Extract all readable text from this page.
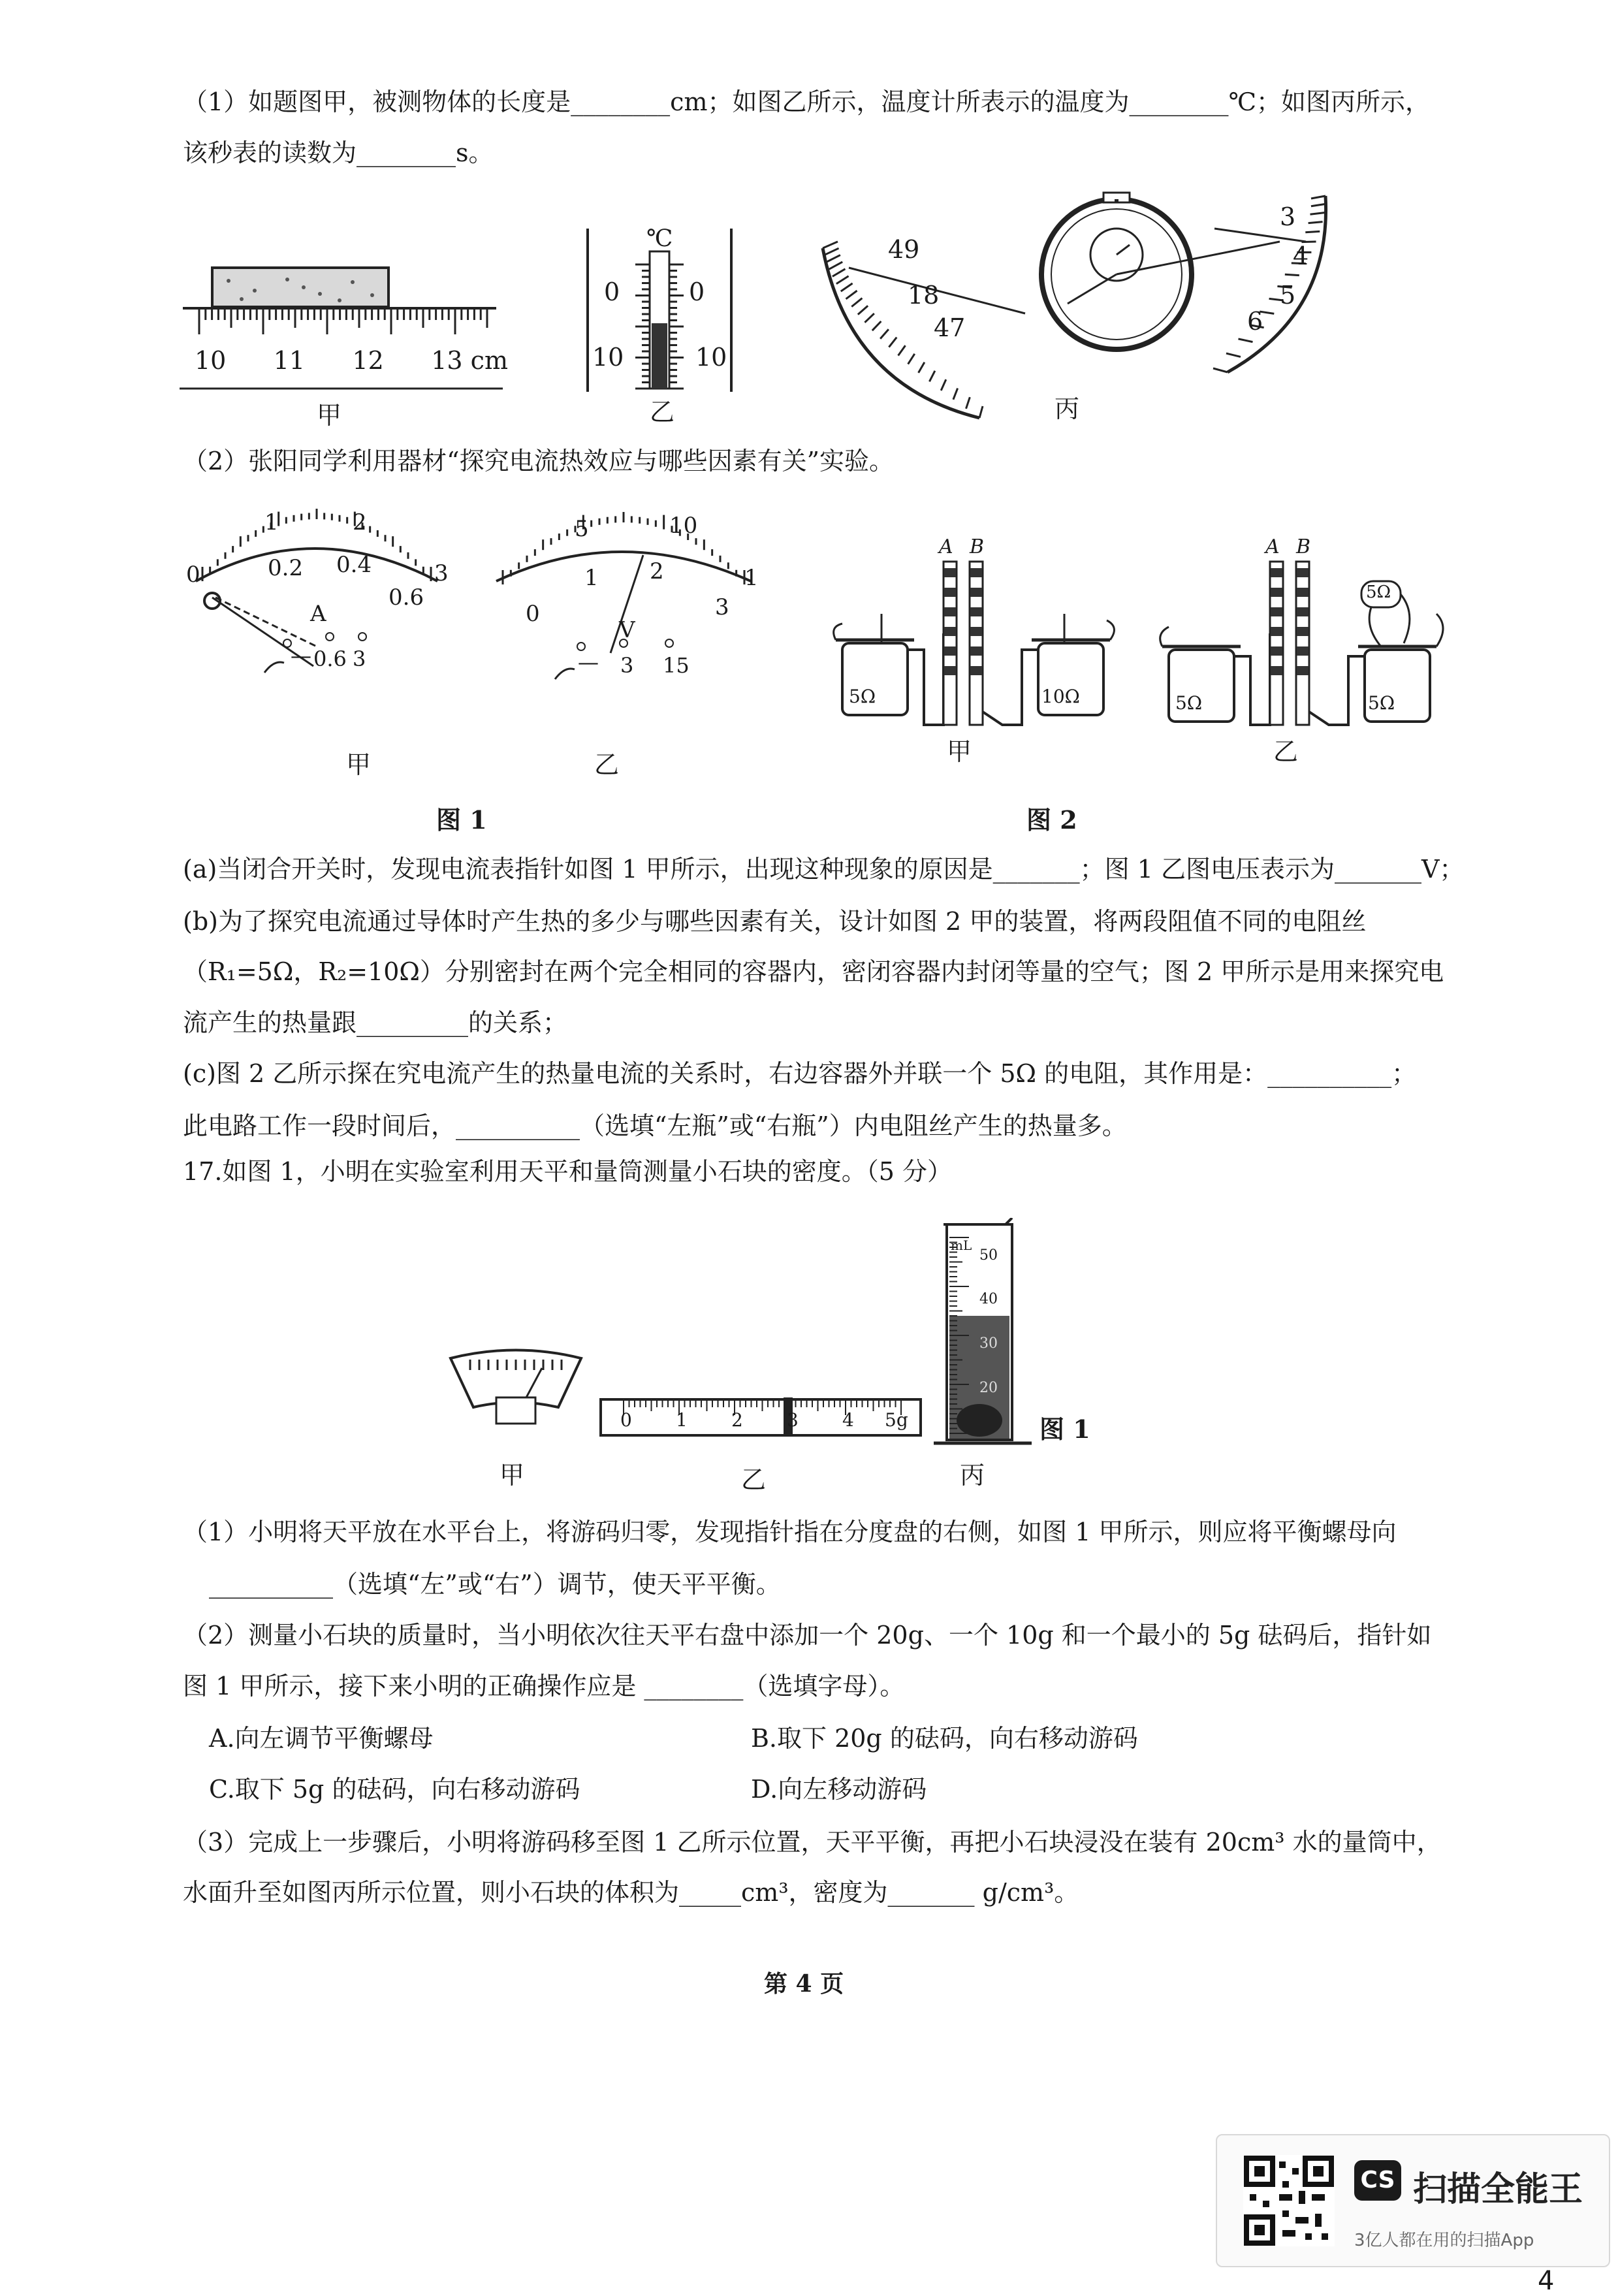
（1）如题图甲，被测物体的长度是________cm；如图乙所示，温度计所表示的温度为________℃；如图丙所示，
该秒表的读数为________s。
10 11 12 13 cm
甲
℃
0	0
10	10
乙
49
18
47
3
4
5
6
丙
（2）张阳同学利用器材“探究电流热效应与哪些因素有关”实验。
1	2
0	0.2 0.4
0.6
3
A
— 0.6 3
5	10
0
1 2
3
1
V
— 3 15
甲	乙
图 1
A B
5Ω	10Ω
甲
A B
5Ω	5Ω
5Ω
乙
图 2
(a)当闭合开关时，发现电流表指针如图 1 甲所示，出现这种现象的原因是_______；图 1 乙图电压表示为_______V；
(b)为了探究电流通过导体时产生热的多少与哪些因素有关，设计如图 2 甲的装置，将两段阻值不同的电阻丝
（R₁=5Ω，R₂=10Ω）分别密封在两个完全相同的容器内，密闭容器内封闭等量的空气；图 2 甲所示是用来探究电
流产生的热量跟_________的关系；
(c)图 2 乙所示探在究电流产生的热量电流的关系时，右边容器外并联一个 5Ω 的电阻，其作用是：__________；
此电路工作一段时间后，__________（选填“左瓶”或“右瓶”）内电阻丝产生的热量多。
17.如图 1，小明在实验室利用天平和量筒测量小石块的密度。（5 分）
0 1 2 3 4 5g
mL
50
40
30
20
图 1
甲	乙	丙
（1）小明将天平放在水平台上，将游码归零，发现指针指在分度盘的右侧，如图 1 甲所示，则应将平衡螺母向
__________（选填“左”或“右”）调节，使天平平衡。
（2）测量小石块的质量时，当小明依次往天平右盘中添加一个 20g、一个 10g 和一个最小的 5g 砝码后，指针如
图 1 甲所示，接下来小明的正确操作应是 ________（选填字母）。
A.向左调节平衡螺母	B.取下 20g 的砝码，向右移动游码
C.取下 5g 的砝码，向右移动游码	D.向左移动游码
（3）完成上一步骤后，小明将游码移至图 1 乙所示位置，天平平衡，再把小石块浸没在装有 20cm³ 水的量筒中，
水面升至如图丙所示位置，则小石块的体积为_____cm³，密度为_______ g/cm³。
第 4 页
CS 扫描全能王
3亿人都在用的扫描App
4
